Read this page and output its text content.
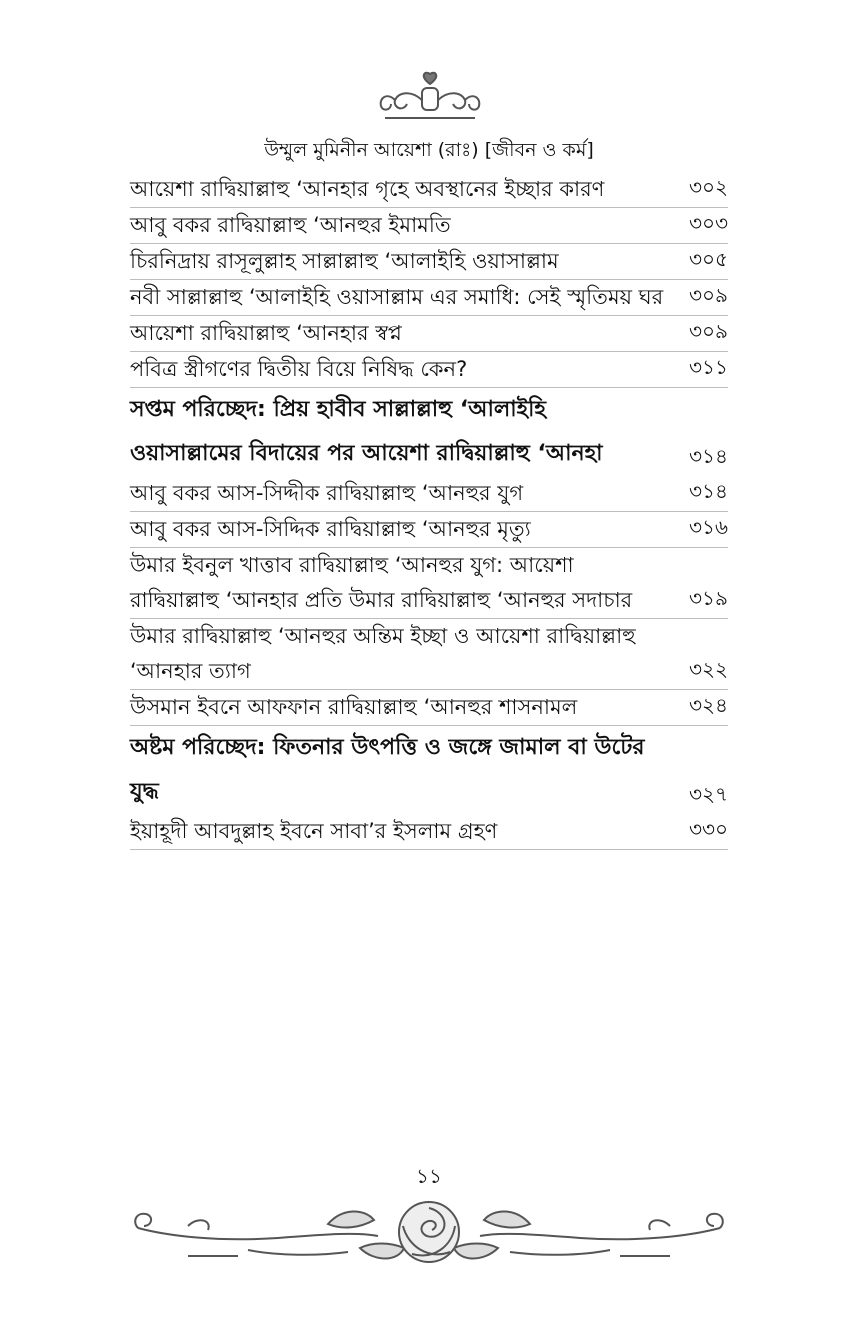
উম্মুল মুমিনীন আয়েশা (রাঃ) [জীবন ও কর্ম]
আয়েশা রাদ্বিয়াল্লাহু ‘আনহার গৃহে অবস্থানের ইচ্ছার কারণ	৩০২
আবু বকর রাদ্বিয়াল্লাহু ‘আনহুর ইমামতি	৩০৩
চিরনিদ্রায় রাসূলুল্লাহ সাল্লাল্লাহু ‘আলাইহি ওয়াসাল্লাম	৩০৫
নবী সাল্লাল্লাহু ‘আলাইহি ওয়াসাল্লাম এর সমাধি: সেই স্মৃতিময় ঘর	৩০৯
আয়েশা রাদ্বিয়াল্লাহু ‘আনহার স্বপ্ন	৩০৯
পবিত্র স্ত্রীগণের দ্বিতীয় বিয়ে নিষিদ্ধ কেন?	৩১১
সপ্তম পরিচ্ছেদ: প্রিয় হাবীব সাল্লাল্লাহু ‘আলাইহি ওয়াসাল্লামের বিদায়ের পর আয়েশা রাদ্বিয়াল্লাহু ‘আনহা	৩১৪
আবু বকর আস-সিদ্দীক রাদ্বিয়াল্লাহু ‘আনহুর যুগ	৩১৪
আবু বকর আস-সিদ্দিক রাদ্বিয়াল্লাহু ‘আনহুর মৃত্যু	৩১৬
উমার ইবনুল খাত্তাব রাদ্বিয়াল্লাহু ‘আনহুর যুগ: আয়েশা রাদ্বিয়াল্লাহু ‘আনহার প্রতি উমার রাদ্বিয়াল্লাহু ‘আনহুর সদাচার	৩১৯
উমার রাদ্বিয়াল্লাহু ‘আনহুর অন্তিম ইচ্ছা ও আয়েশা রাদ্বিয়াল্লাহু ‘আনহার ত্যাগ	৩২২
উসমান ইবনে আফফান রাদ্বিয়াল্লাহু ‘আনহুর শাসনামল	৩২৪
অষ্টম পরিচ্ছেদ: ফিতনার উৎপত্তি ও জঙ্গে জামাল বা উটের যুদ্ধ	৩২৭
ইয়াহূদী আবদুল্লাহ ইবনে সাবা’র ইসলাম গ্রহণ	৩৩০
১১
